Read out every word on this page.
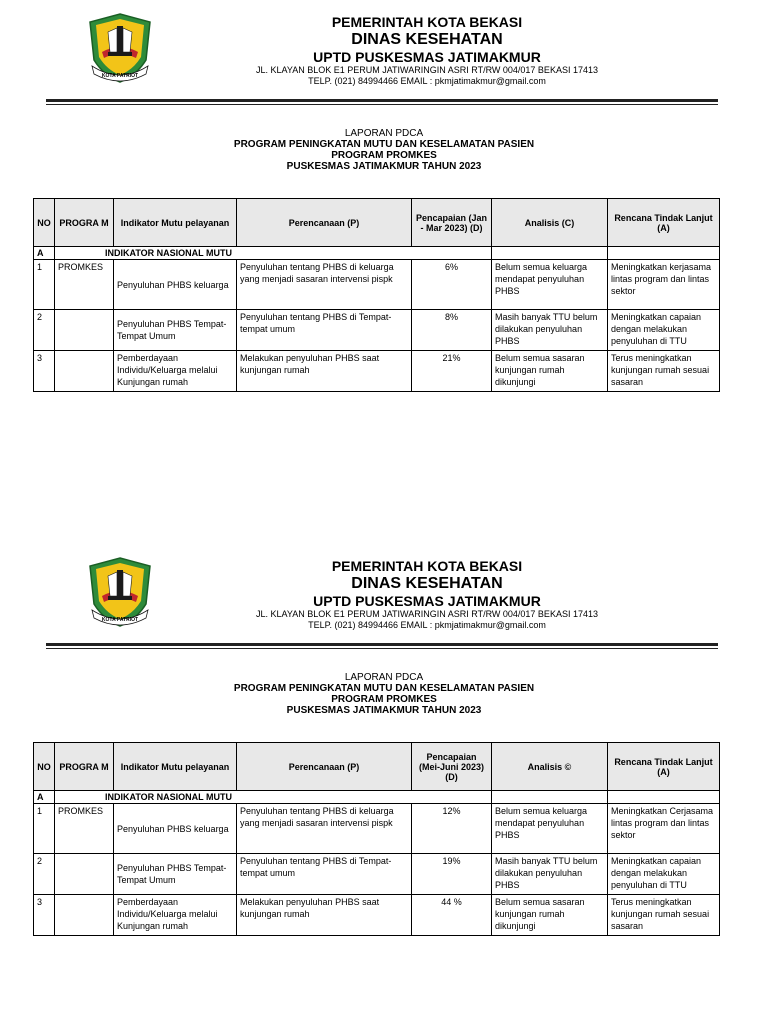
KOTA PATRIOT
PEMERINTAH KOTA BEKASI
DINAS KESEHATAN
UPTD PUSKESMAS JATIMAKMUR
JL. KLAYAN BLOK E1 PERUM JATIWARINGIN ASRI RT/RW 004/017 BEKASI 17413
TELP. (021) 84994466 EMAIL : pkmjatimakmur@gmail.com
LAPORAN PDCA
PROGRAM PENINGKATAN MUTU DAN KESELAMATAN PASIEN
PROGRAM PROMKES
PUSKESMAS JATIMAKMUR TAHUN 2023
NO	PROGRA M	Indikator Mutu pelayanan	Perencanaan (P)	Pencapaian (Jan - Mar 2023) (D)	Analisis (C)	Rencana Tindak Lanjut (A)
A	INDIKATOR NASIONAL MUTU					
1	PROMKES	Penyuluhan PHBS keluarga	Penyuluhan tentang PHBS di keluarga yang menjadi sasaran intervensi pispk	6%	Belum semua keluarga mendapat penyuluhan PHBS	Meningkatkan kerjasama lintas program dan lintas sektor
2		Penyuluhan PHBS Tempat-Tempat Umum	Penyuluhan tentang PHBS di Tempat-tempat umum	8%	Masih banyak TTU belum dilakukan penyuluhan PHBS	Meningkatkan capaian dengan melakukan penyuluhan di TTU
3		Pemberdayaan Individu/Keluarga melalui Kunjungan rumah	Melakukan penyuluhan PHBS saat kunjungan rumah	21%	Belum semua sasaran kunjungan rumah dikunjungi	Terus meningkatkan kunjungan rumah sesuai sasaran
KOTA PATRIOT
PEMERINTAH KOTA BEKASI
DINAS KESEHATAN
UPTD PUSKESMAS JATIMAKMUR
JL. KLAYAN BLOK E1 PERUM JATIWARINGIN ASRI RT/RW 004/017 BEKASI 17413
TELP. (021) 84994466 EMAIL : pkmjatimakmur@gmail.com
LAPORAN PDCA
PROGRAM PENINGKATAN MUTU DAN KESELAMATAN PASIEN
PROGRAM PROMKES
PUSKESMAS JATIMAKMUR TAHUN 2023
NO	PROGRA M	Indikator Mutu pelayanan	Perencanaan (P)	Pencapaian (Mei-Juni 2023) (D)	Analisis ©	Rencana Tindak Lanjut (A)
A	INDIKATOR NASIONAL MUTU					
1	PROMKES	Penyuluhan PHBS keluarga	Penyuluhan tentang PHBS di keluarga yang menjadi sasaran intervensi pispk	12%	Belum semua keluarga mendapat penyuluhan PHBS	Meningkatkan Cerjasama lintas program dan lintas sektor
2		Penyuluhan PHBS Tempat-Tempat Umum	Penyuluhan tentang PHBS di Tempat-tempat umum	19%	Masih banyak TTU belum dilakukan penyuluhan PHBS	Meningkatkan capaian dengan melakukan penyuluhan di TTU
3		Pemberdayaan Individu/Keluarga melalui Kunjungan rumah	Melakukan penyuluhan PHBS saat kunjungan rumah	44 %	Belum semua sasaran kunjungan rumah dikunjungi	Terus meningkatkan kunjungan rumah sesuai sasaran
